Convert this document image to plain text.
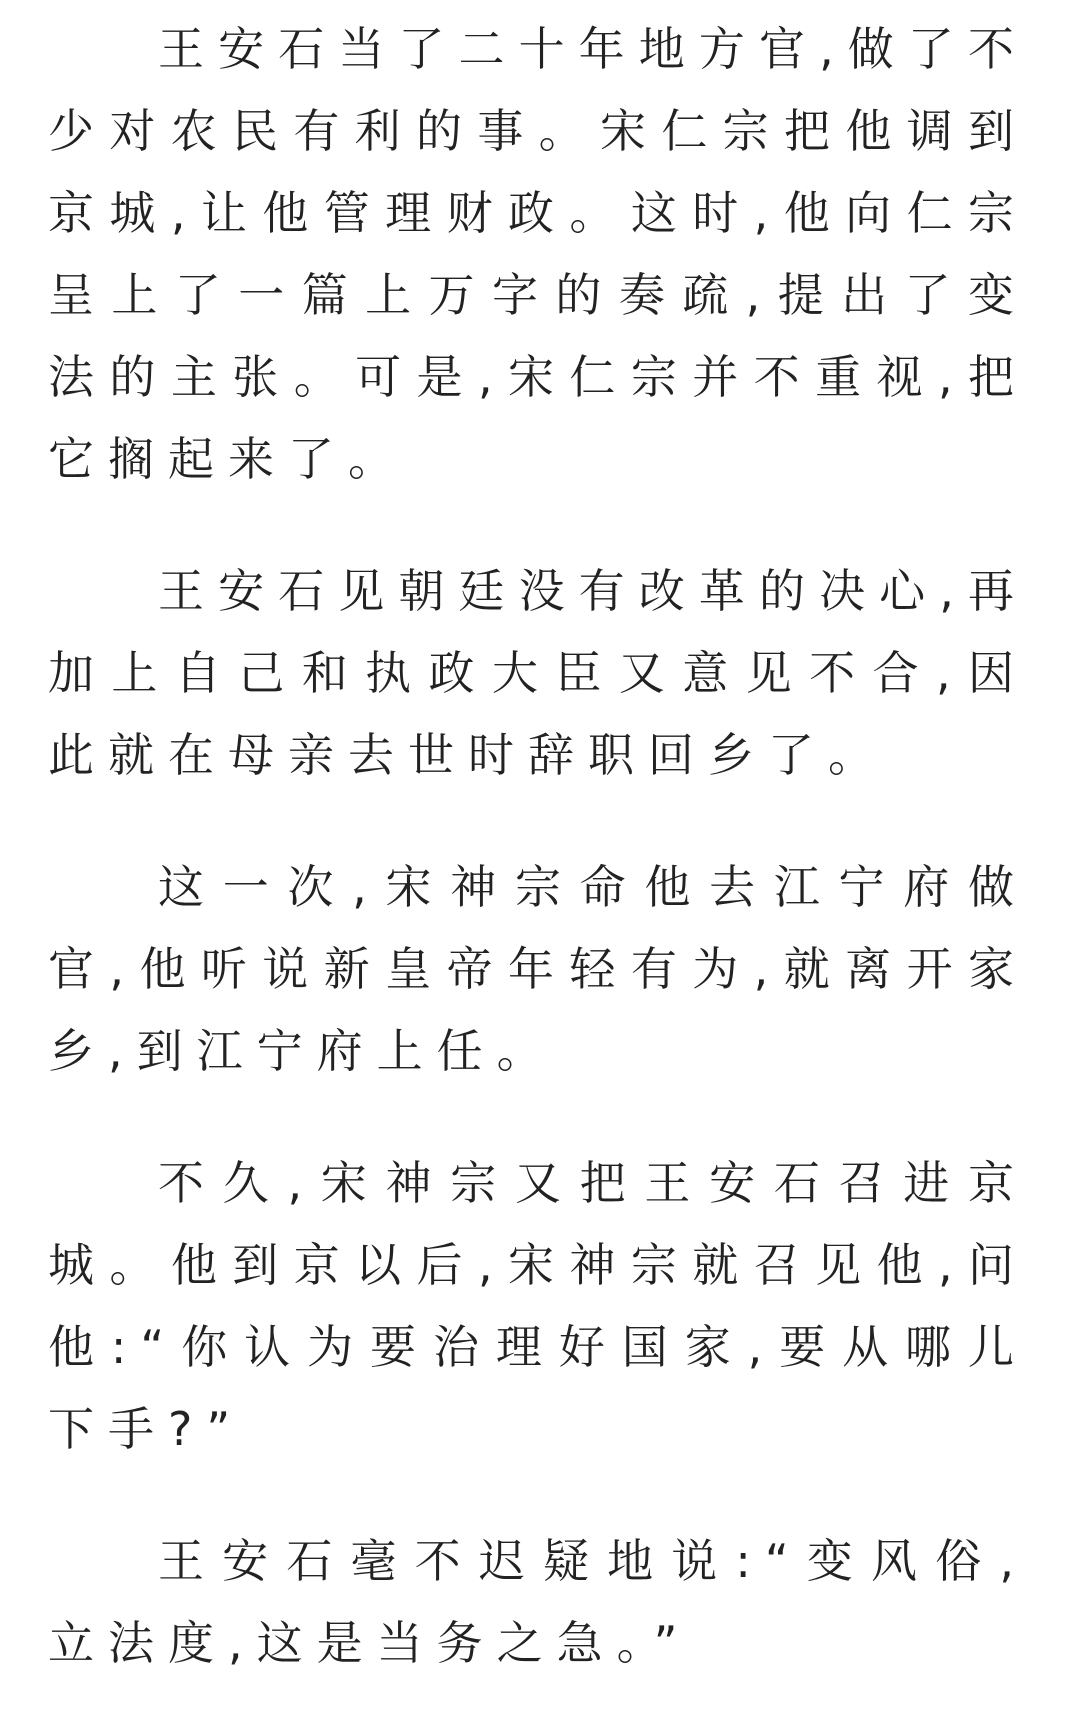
王安石当了二十年地方官,做了不少对农民有利的事。宋仁宗把他调到京城,让他管理财政。这时,他向仁宗呈上了一篇上万字的奏疏,提出了变法的主张。可是,宋仁宗并不重视,把它搁起来了。

王安石见朝廷没有改革的决心,再加上自己和执政大臣又意见不合,因此就在母亲去世时辞职回乡了。

这一次,宋神宗命他去江宁府做官,他听说新皇帝年轻有为,就离开家乡,到江宁府上任。

不久,宋神宗又把王安石召进京城。他到京以后,宋神宗就召见他,问他:“你认为要治理好国家,要从哪儿下手?”

王安石毫不迟疑地说:“变风俗,立法度,这是当务之急。”
